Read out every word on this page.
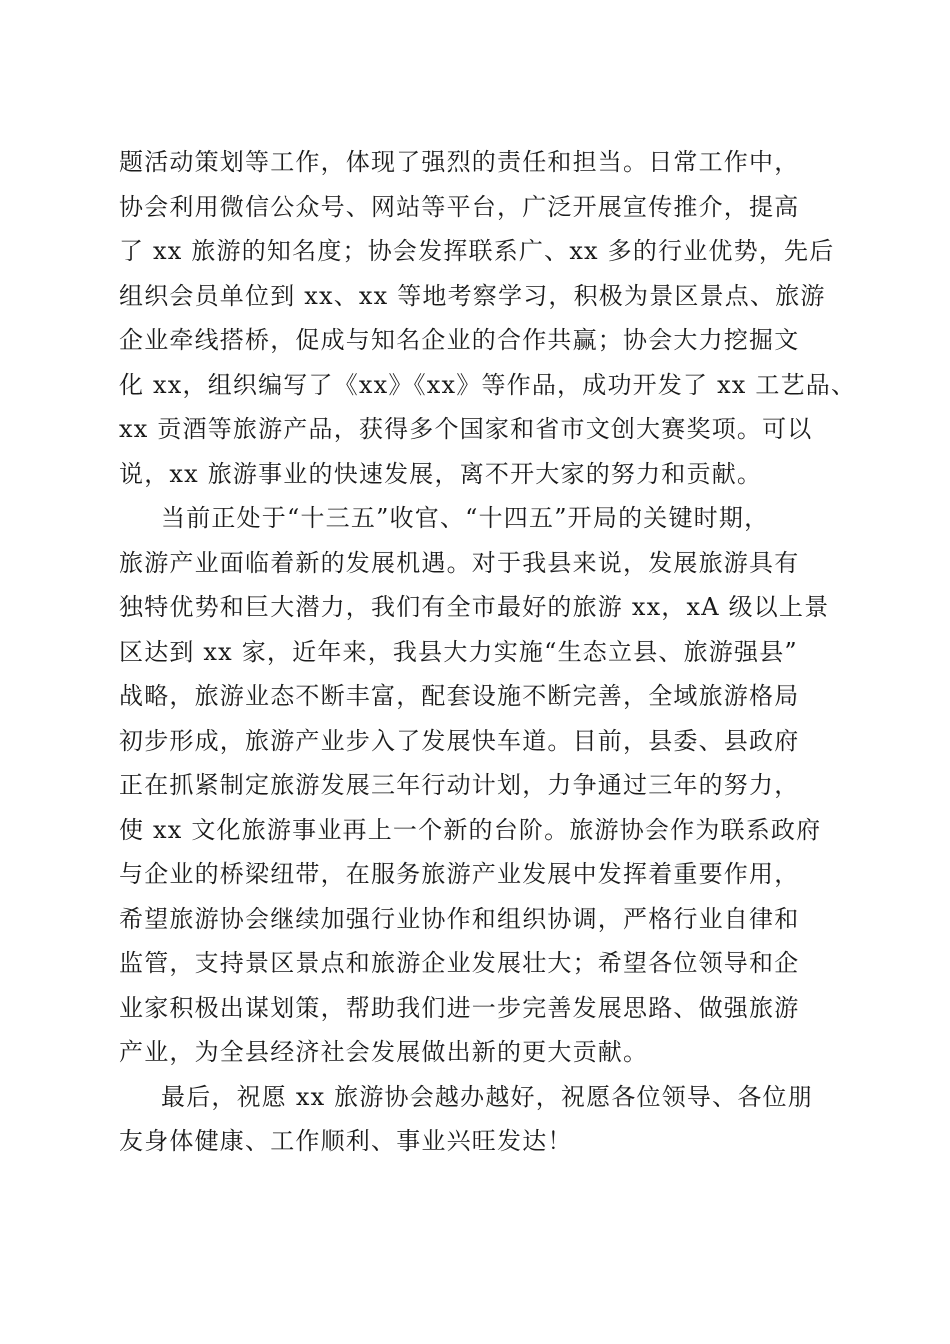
题活动策划等工作，体现了强烈的责任和担当。日常工作中，
协会利用微信公众号、网站等平台，广泛开展宣传推介，提高
了 xx 旅游的知名度；协会发挥联系广、xx 多的行业优势，先后
组织会员单位到 xx、xx 等地考察学习，积极为景区景点、旅游
企业牵线搭桥，促成与知名企业的合作共赢；协会大力挖掘文
化 xx，组织编写了《xx》《xx》等作品，成功开发了 xx 工艺品、
xx 贡酒等旅游产品，获得多个国家和省市文创大赛奖项。可以
说，xx 旅游事业的快速发展，离不开大家的努力和贡献。
当前正处于“十三五”收官、“十四五”开局的关键时期，
旅游产业面临着新的发展机遇。对于我县来说，发展旅游具有
独特优势和巨大潜力，我们有全市最好的旅游 xx，xA 级以上景
区达到 xx 家，近年来，我县大力实施“生态立县、旅游强县”
战略，旅游业态不断丰富，配套设施不断完善，全域旅游格局
初步形成，旅游产业步入了发展快车道。目前，县委、县政府
正在抓紧制定旅游发展三年行动计划，力争通过三年的努力，
使 xx 文化旅游事业再上一个新的台阶。旅游协会作为联系政府
与企业的桥梁纽带，在服务旅游产业发展中发挥着重要作用，
希望旅游协会继续加强行业协作和组织协调，严格行业自律和
监管，支持景区景点和旅游企业发展壮大；希望各位领导和企
业家积极出谋划策，帮助我们进一步完善发展思路、做强旅游
产业，为全县经济社会发展做出新的更大贡献。
最后，祝愿 xx 旅游协会越办越好，祝愿各位领导、各位朋
友身体健康、工作顺利、事业兴旺发达！
